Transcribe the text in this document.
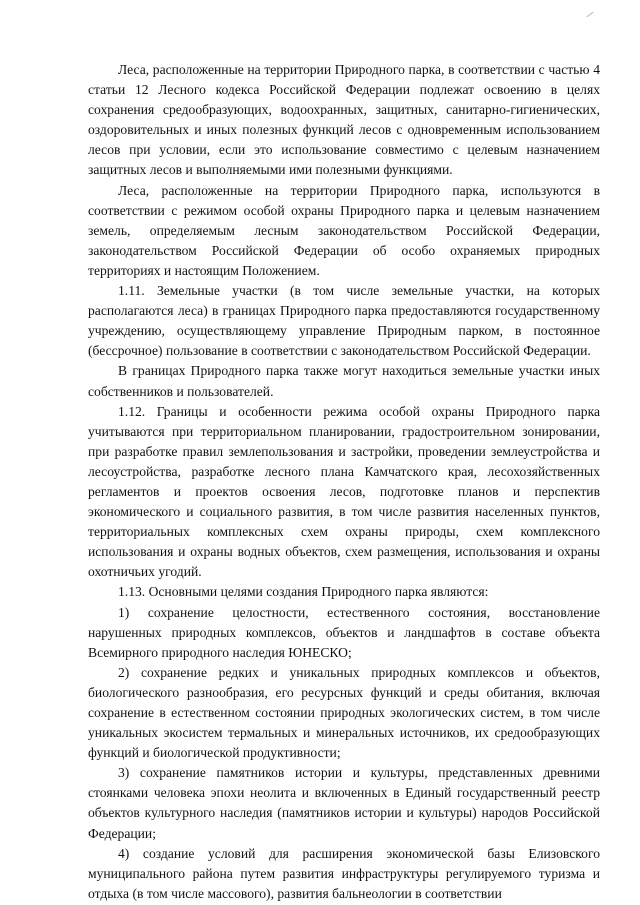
Леса, расположенные на территории Природного парка, в соответствии с частью 4 статьи 12 Лесного кодекса Российской Федерации подлежат освоению в целях сохранения средообразующих, водоохранных, защитных, санитарно-гигиенических, оздоровительных и иных полезных функций лесов с одновременным использованием лесов при условии, если это использование совместимо с целевым назначением защитных лесов и выполняемыми ими полезными функциями.

Леса, расположенные на территории Природного парка, используются в соответствии с режимом особой охраны Природного парка и целевым назначением земель, определяемым лесным законодательством Российской Федерации, законодательством Российской Федерации об особо охраняемых природных территориях и настоящим Положением.

1.11. Земельные участки (в том числе земельные участки, на которых располагаются леса) в границах Природного парка предоставляются государственному учреждению, осуществляющему управление Природным парком, в постоянное (бессрочное) пользование в соответствии с законодательством Российской Федерации.

В границах Природного парка также могут находиться земельные участки иных собственников и пользователей.

1.12. Границы и особенности режима особой охраны Природного парка учитываются при территориальном планировании, градостроительном зонировании, при разработке правил землепользования и застройки, проведении землеустройства и лесоустройства, разработке лесного плана Камчатского края, лесохозяйственных регламентов и проектов освоения лесов, подготовке планов и перспектив экономического и социального развития, в том числе развития населенных пунктов, территориальных комплексных схем охраны природы, схем комплексного использования и охраны водных объектов, схем размещения, использования и охраны охотничьих угодий.

1.13. Основными целями создания Природного парка являются:

1) сохранение целостности, естественного состояния, восстановление нарушенных природных комплексов, объектов и ландшафтов в составе объекта Всемирного природного наследия ЮНЕСКО;

2) сохранение редких и уникальных природных комплексов и объектов, биологического разнообразия, его ресурсных функций и среды обитания, включая сохранение в естественном состоянии природных экологических систем, в том числе уникальных экосистем термальных и минеральных источников, их средообразующих функций и биологической продуктивности;

3) сохранение памятников истории и культуры, представленных древними стоянками человека эпохи неолита и включенных в Единый государственный реестр объектов культурного наследия (памятников истории и культуры) народов Российской Федерации;

4) создание условий для расширения экономической базы Елизовского муниципального района путем развития инфраструктуры регулируемого туризма и отдыха (в том числе массового), развития бальнеологии в соответствии
